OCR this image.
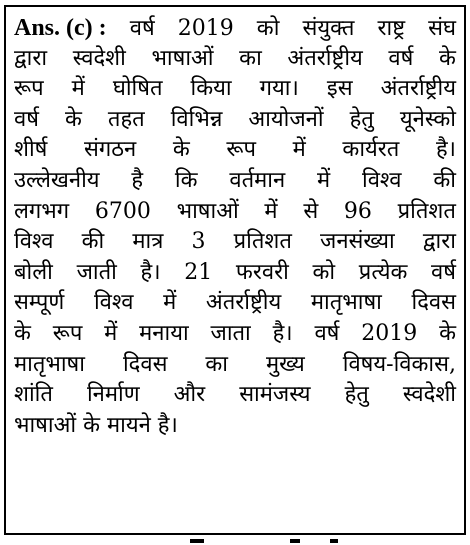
Ans. (c) : वर्ष 2019 को संयुक्त राष्ट्र संघ
द्वारा स्वदेशी भाषाओं का अंतर्राष्ट्रीय वर्ष के
रूप में घोषित किया गया। इस अंतर्राष्ट्रीय
वर्ष के तहत विभिन्न आयोजनों हेतु यूनेस्को
शीर्ष संगठन के रूप में कार्यरत है।
उल्लेखनीय है कि वर्तमान में विश्व की
लगभग 6700 भाषाओं में से 96 प्रतिशत
विश्व की मात्र 3 प्रतिशत जनसंख्या द्वारा
बोली जाती है। 21 फरवरी को प्रत्येक वर्ष
सम्पूर्ण विश्व में अंतर्राष्ट्रीय मातृभाषा दिवस
के रूप में मनाया जाता है। वर्ष 2019 के
मातृभाषा दिवस का मुख्य विषय-विकास,
शांति निर्माण और सामंजस्य हेतु स्वदेशी
भाषाओं
के
मायने
है।
